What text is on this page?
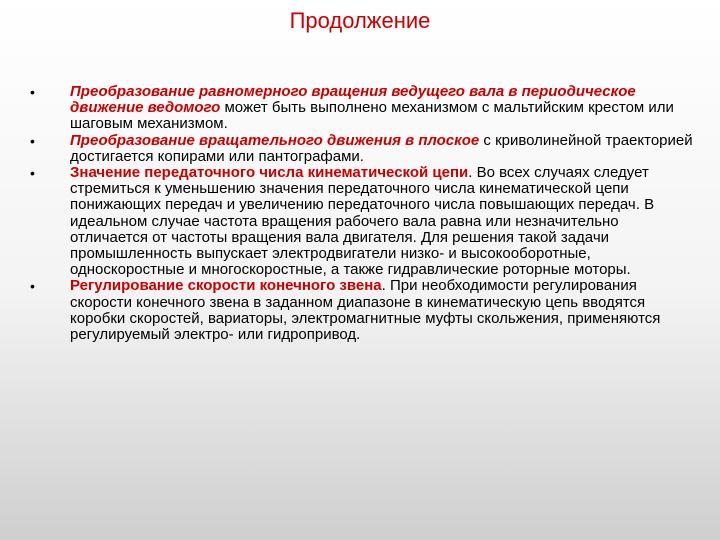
Продолжение
• Преобразование равномерного вращения ведущего вала в периодическое движение ведомого может быть выполнено механизмом с мальтийским крестом или шаговым механизмом.
• Преобразование вращательного движения в плоское с криволинейной траекторией достигается копирами или пантографами.
• Значение передаточного числа кинематической цепи. Во всех случаях следует стремиться к уменьшению значения передаточного числа кинематической цепи понижающих передач и увеличению передаточного числа повышающих передач. В идеальном случае частота вращения рабочего вала равна или незначительно отличается от частоты вращения вала двигателя. Для решения такой задачи промышленность выпускает электродвигатели низко- и высокооборотные, односкоростные и многоскоростные, а также гидравлические роторные моторы.
• Регулирование скорости конечного звена. При необходимости регулирования скорости конечного звена в заданном диапазоне в кинематическую цепь вводятся коробки скоростей, вариаторы, электромагнитные муфты скольжения, применяются регулируемый электро- или гидропривод.
